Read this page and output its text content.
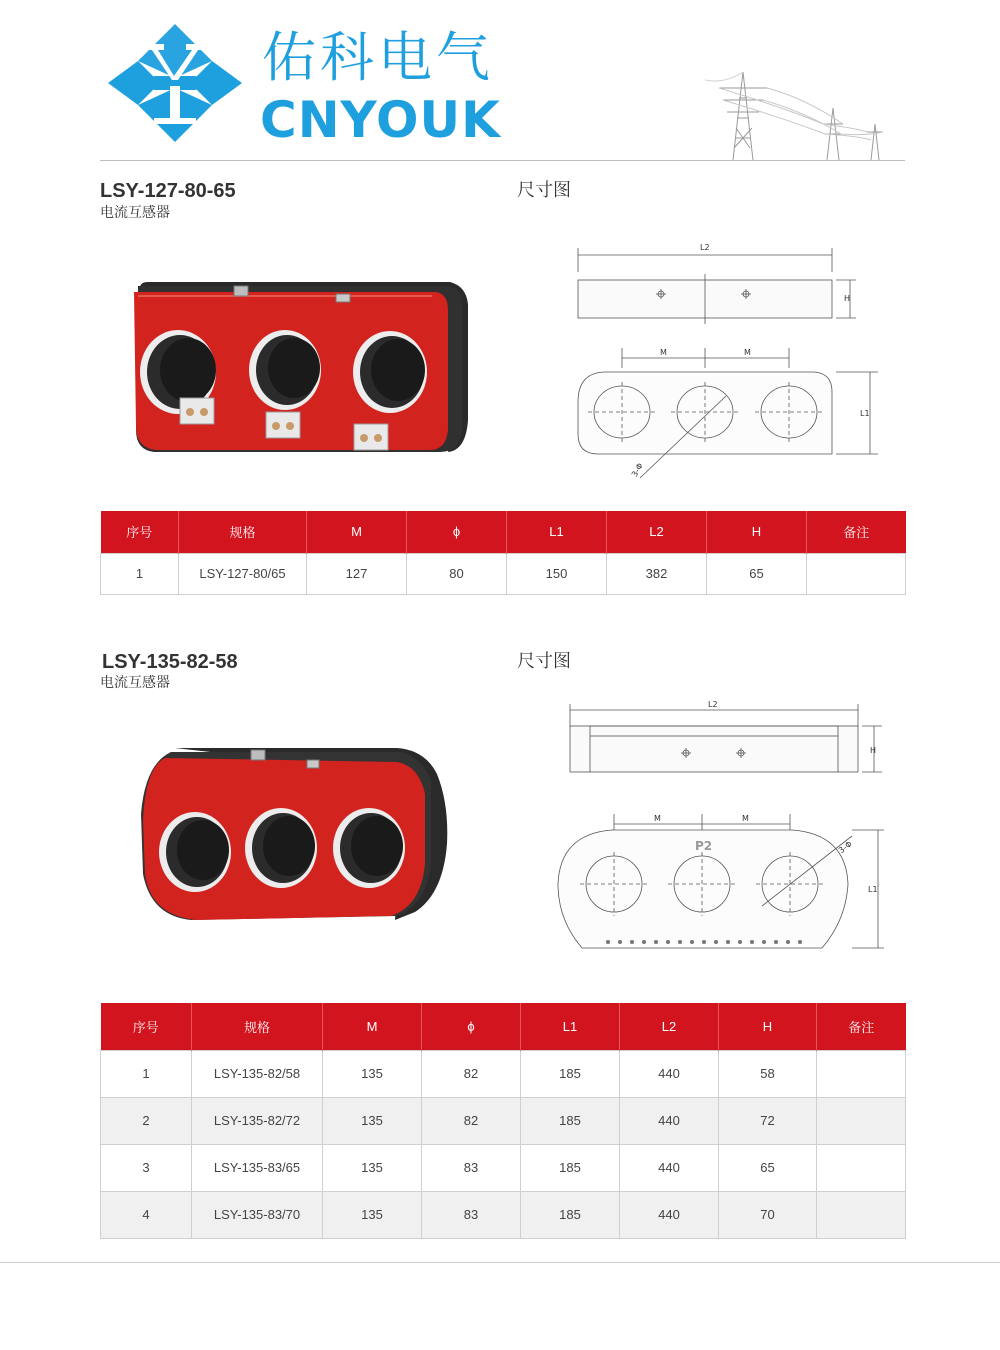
佑科电气
CNYOUK
LSY-127-80-65
电流互感器
尺寸图
L2
H
M	M
L1
3-Φ
序号	规格	M	ϕ	L1	L2	H	备注
1	LSY-127-80/65	127	80	150	382	65	
LSY-135-82-58
电流互感器
尺寸图
L2
H
M	M
L1
3-Φ
P2
序号	规格	M	ϕ	L1	L2	H	备注
1	LSY-135-82/58	135	82	185	440	58	
2	LSY-135-82/72	135	82	185	440	72	
3	LSY-135-83/65	135	83	185	440	65	
4	LSY-135-83/70	135	83	185	440	70	
